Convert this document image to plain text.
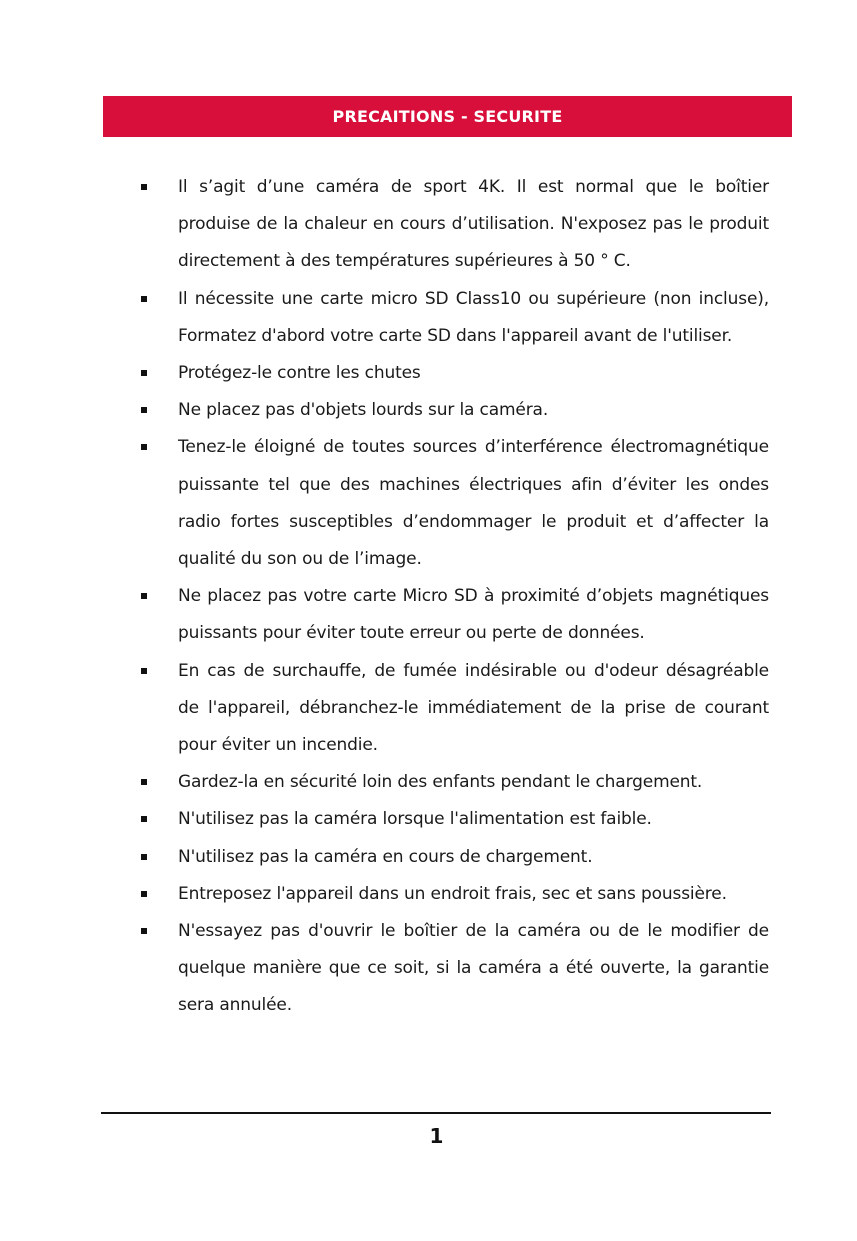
PRECAITIONS - SECURITE
Il s’agit d’une caméra de sport 4K. Il est normal que le boîtier produise de la chaleur en cours d’utilisation. N'exposez pas le produit directement à des températures supérieures à 50 ° C.
Il nécessite une carte micro SD Class10 ou supérieure (non incluse), Formatez d'abord votre carte SD dans l'appareil avant de l'utiliser.
Protégez-le contre les chutes
Ne placez pas d'objets lourds sur la caméra.
Tenez-le éloigné de toutes sources d’interférence électromagnétique puissante tel que des machines électriques afin d’éviter les ondes radio fortes susceptibles d’endommager le produit et d’affecter la qualité du son ou de l’image.
Ne placez pas votre carte Micro SD à proximité d’objets magnétiques puissants pour éviter toute erreur ou perte de données.
En cas de surchauffe, de fumée indésirable ou d'odeur désagréable de l'appareil, débranchez-le immédiatement de la prise de courant pour éviter un incendie.
Gardez-la en sécurité loin des enfants pendant le chargement.
N'utilisez pas la caméra lorsque l'alimentation est faible.
N'utilisez pas la caméra en cours de chargement.
Entreposez l'appareil dans un endroit frais, sec et sans poussière.
N'essayez pas d'ouvrir le boîtier de la caméra ou de le modifier de quelque manière que ce soit, si la caméra a été ouverte, la garantie sera annulée.
1
